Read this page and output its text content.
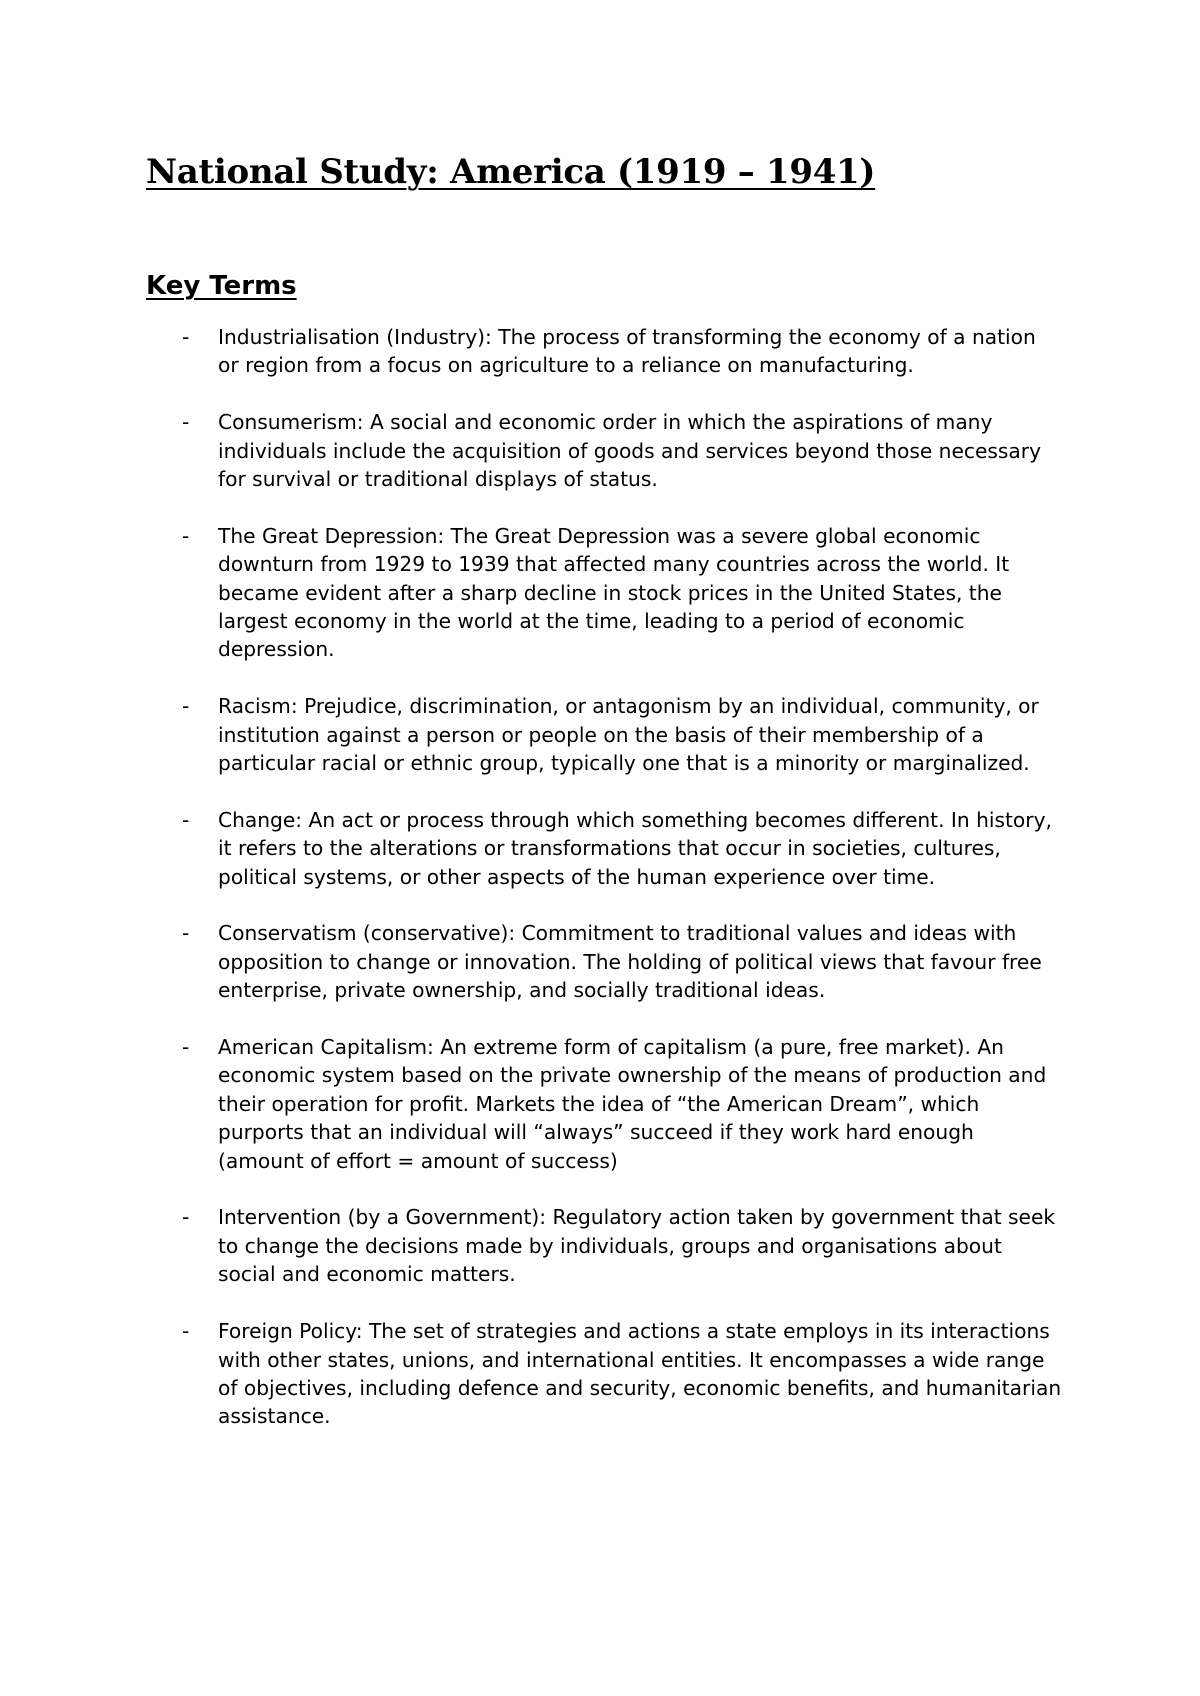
National Study: America (1919 – 1941)
Key Terms
-	Industrialisation (Industry): The process of transforming the economy of a nation or region from a focus on agriculture to a reliance on manufacturing.
-	Consumerism: A social and economic order in which the aspirations of many individuals include the acquisition of goods and services beyond those necessary for survival or traditional displays of status.
-	The Great Depression: The Great Depression was a severe global economic downturn from 1929 to 1939 that affected many countries across the world. It became evident after a sharp decline in stock prices in the United States, the largest economy in the world at the time, leading to a period of economic depression.
-	Racism: Prejudice, discrimination, or antagonism by an individual, community, or institution against a person or people on the basis of their membership of a particular racial or ethnic group, typically one that is a minority or marginalized.
-	Change: An act or process through which something becomes different. In history, it refers to the alterations or transformations that occur in societies, cultures, political systems, or other aspects of the human experience over time.
-	Conservatism (conservative): Commitment to traditional values and ideas with opposition to change or innovation. The holding of political views that favour free enterprise, private ownership, and socially traditional ideas.
-	American Capitalism: An extreme form of capitalism (a pure, free market). An economic system based on the private ownership of the means of production and their operation for profit. Markets the idea of “the American Dream”, which purports that an individual will “always” succeed if they work hard enough (amount of effort = amount of success)
-	Intervention (by a Government): Regulatory action taken by government that seek to change the decisions made by individuals, groups and organisations about social and economic matters.
-	Foreign Policy: The set of strategies and actions a state employs in its interactions with other states, unions, and international entities. It encompasses a wide range of objectives, including defence and security, economic benefits, and humanitarian assistance.
